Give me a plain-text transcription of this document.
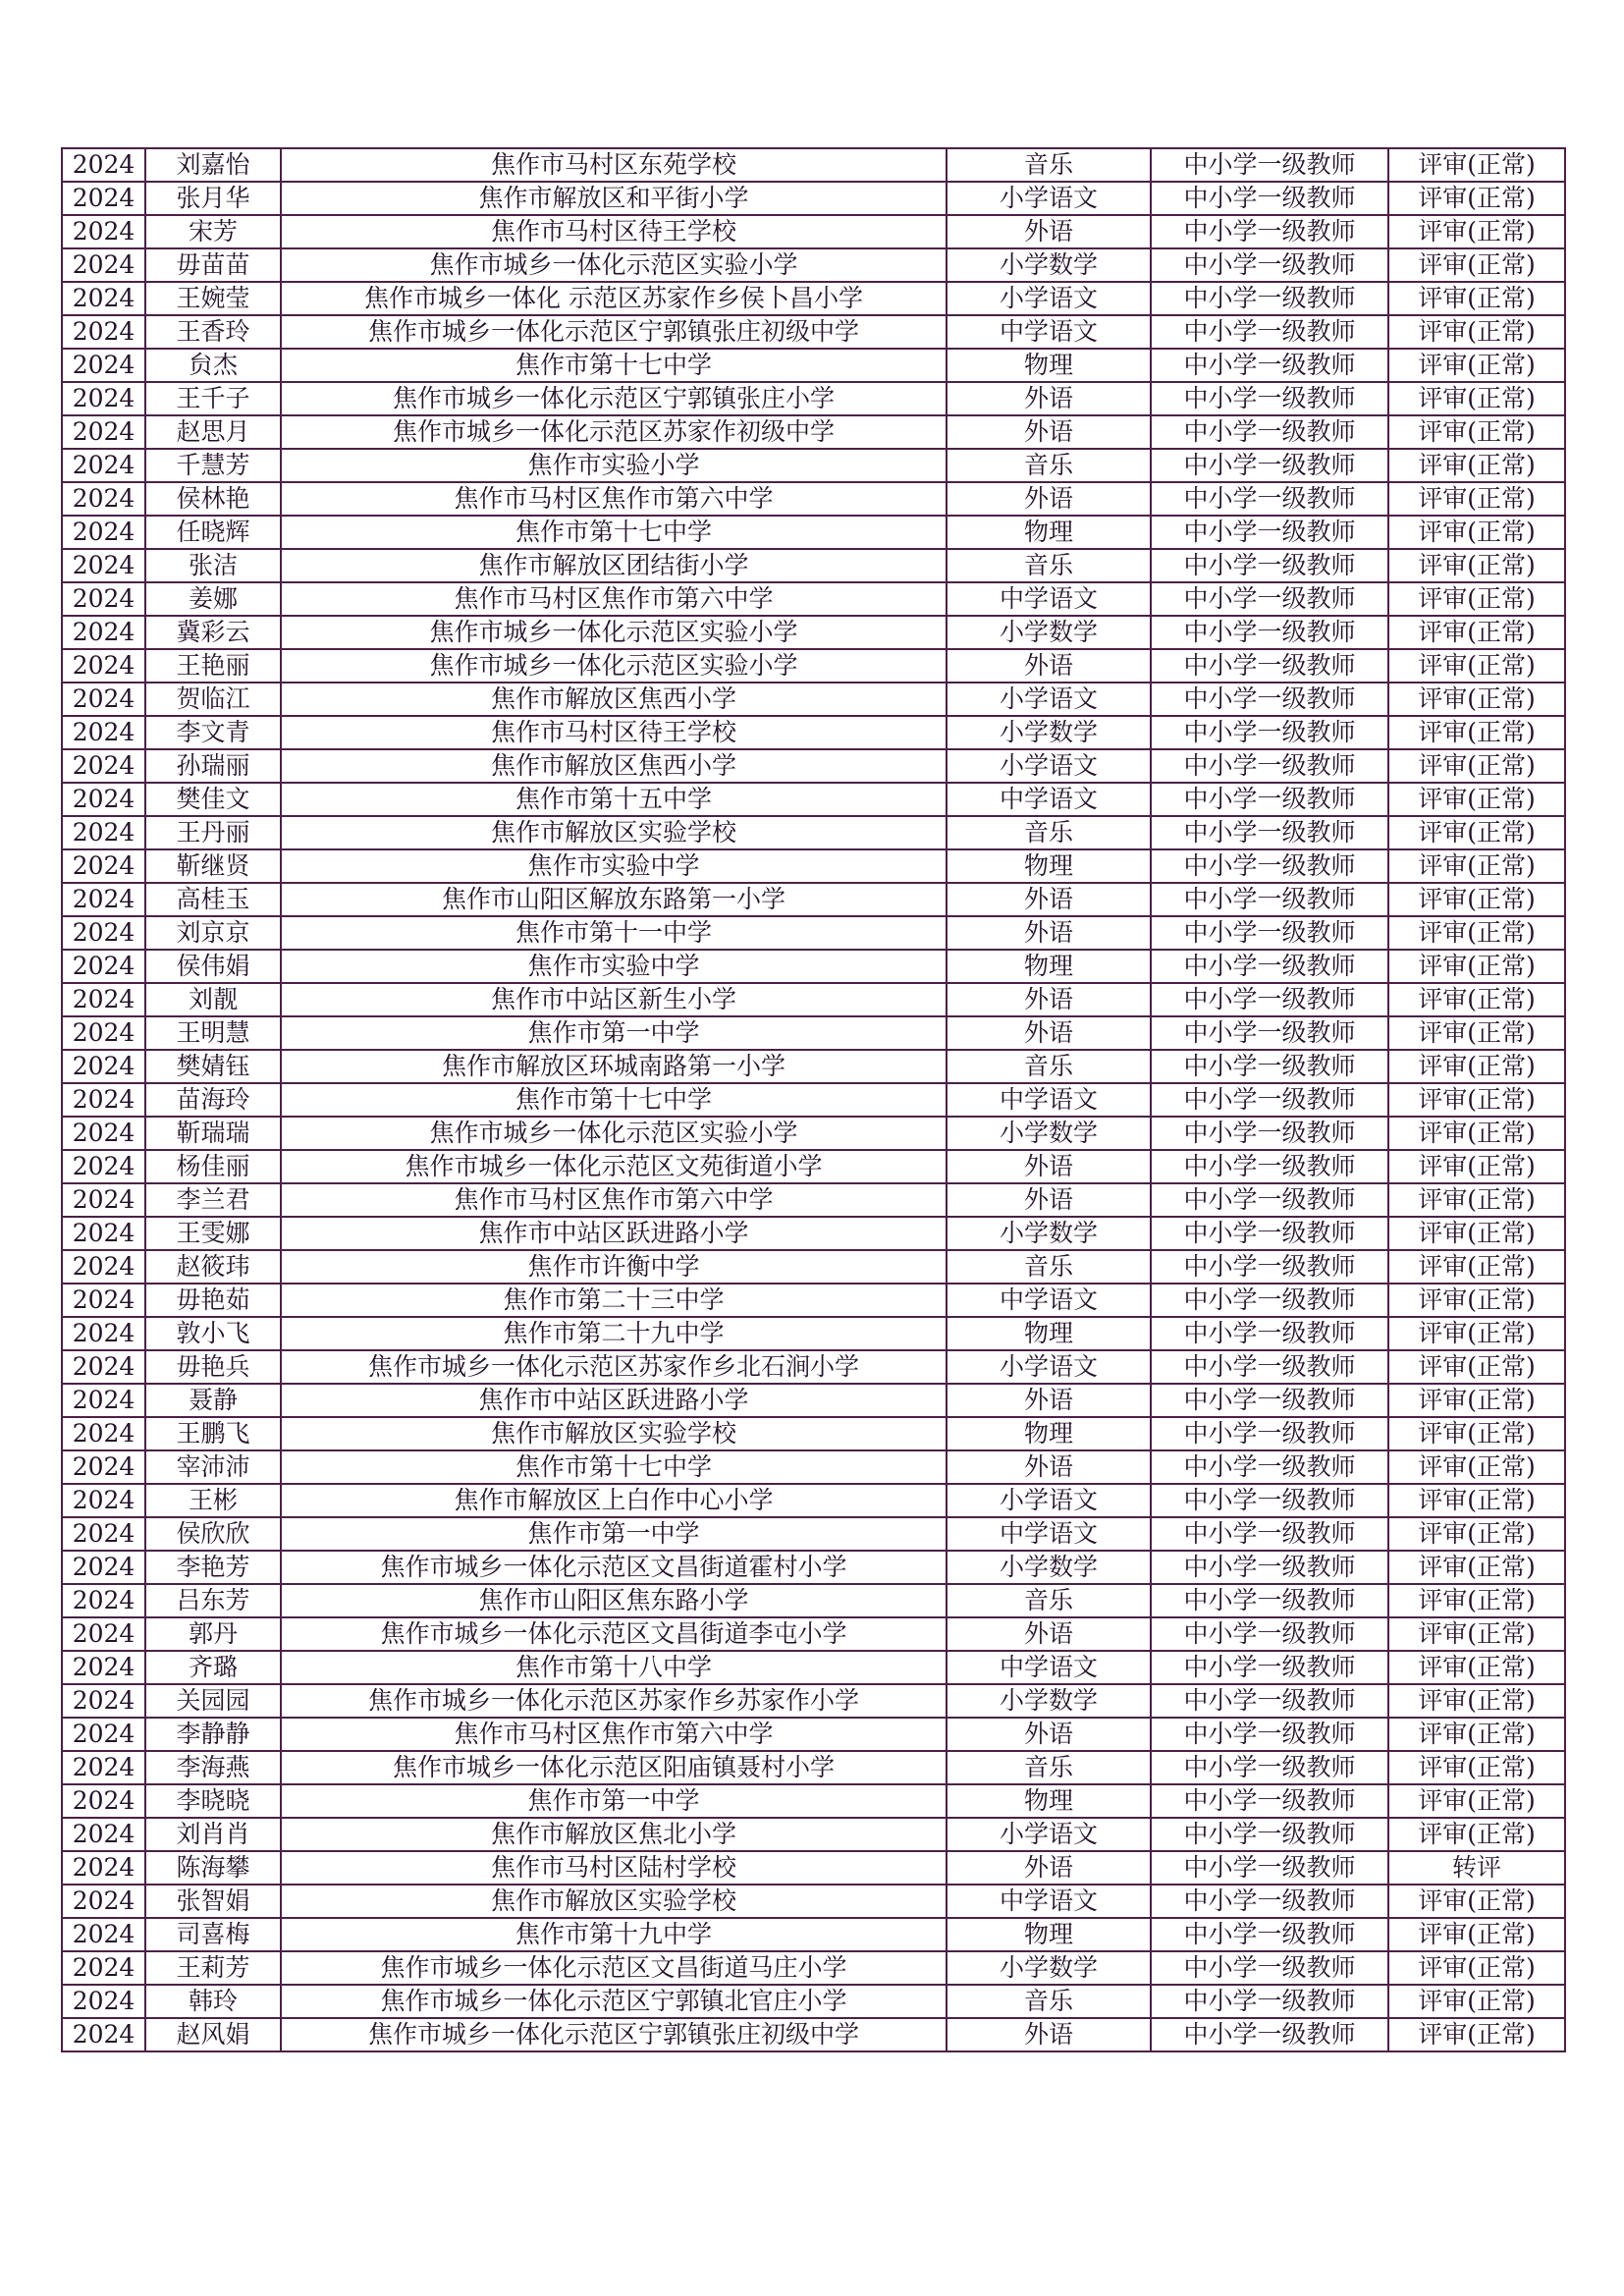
2024	刘嘉怡	焦作市马村区东苑学校	音乐	中小学一级教师	评审(正常)
2024	张月华	焦作市解放区和平街小学	小学语文	中小学一级教师	评审(正常)
2024	宋芳	焦作市马村区待王学校	外语	中小学一级教师	评审(正常)
2024	毋苗苗	焦作市城乡一体化示范区实验小学	小学数学	中小学一级教师	评审(正常)
2024	王婉莹	焦作市城乡一体化 示范区苏家作乡侯卜昌小学	小学语文	中小学一级教师	评审(正常)
2024	王香玲	焦作市城乡一体化示范区宁郭镇张庄初级中学	中学语文	中小学一级教师	评审(正常)
2024	贠杰	焦作市第十七中学	物理	中小学一级教师	评审(正常)
2024	王千子	焦作市城乡一体化示范区宁郭镇张庄小学	外语	中小学一级教师	评审(正常)
2024	赵思月	焦作市城乡一体化示范区苏家作初级中学	外语	中小学一级教师	评审(正常)
2024	千慧芳	焦作市实验小学	音乐	中小学一级教师	评审(正常)
2024	侯林艳	焦作市马村区焦作市第六中学	外语	中小学一级教师	评审(正常)
2024	任晓辉	焦作市第十七中学	物理	中小学一级教师	评审(正常)
2024	张洁	焦作市解放区团结街小学	音乐	中小学一级教师	评审(正常)
2024	姜娜	焦作市马村区焦作市第六中学	中学语文	中小学一级教师	评审(正常)
2024	冀彩云	焦作市城乡一体化示范区实验小学	小学数学	中小学一级教师	评审(正常)
2024	王艳丽	焦作市城乡一体化示范区实验小学	外语	中小学一级教师	评审(正常)
2024	贺临江	焦作市解放区焦西小学	小学语文	中小学一级教师	评审(正常)
2024	李文青	焦作市马村区待王学校	小学数学	中小学一级教师	评审(正常)
2024	孙瑞丽	焦作市解放区焦西小学	小学语文	中小学一级教师	评审(正常)
2024	樊佳文	焦作市第十五中学	中学语文	中小学一级教师	评审(正常)
2024	王丹丽	焦作市解放区实验学校	音乐	中小学一级教师	评审(正常)
2024	靳继贤	焦作市实验中学	物理	中小学一级教师	评审(正常)
2024	高桂玉	焦作市山阳区解放东路第一小学	外语	中小学一级教师	评审(正常)
2024	刘京京	焦作市第十一中学	外语	中小学一级教师	评审(正常)
2024	侯伟娟	焦作市实验中学	物理	中小学一级教师	评审(正常)
2024	刘靓	焦作市中站区新生小学	外语	中小学一级教师	评审(正常)
2024	王明慧	焦作市第一中学	外语	中小学一级教师	评审(正常)
2024	樊婧钰	焦作市解放区环城南路第一小学	音乐	中小学一级教师	评审(正常)
2024	苗海玲	焦作市第十七中学	中学语文	中小学一级教师	评审(正常)
2024	靳瑞瑞	焦作市城乡一体化示范区实验小学	小学数学	中小学一级教师	评审(正常)
2024	杨佳丽	焦作市城乡一体化示范区文苑街道小学	外语	中小学一级教师	评审(正常)
2024	李兰君	焦作市马村区焦作市第六中学	外语	中小学一级教师	评审(正常)
2024	王雯娜	焦作市中站区跃进路小学	小学数学	中小学一级教师	评审(正常)
2024	赵筱玮	焦作市许衡中学	音乐	中小学一级教师	评审(正常)
2024	毋艳茹	焦作市第二十三中学	中学语文	中小学一级教师	评审(正常)
2024	敦小飞	焦作市第二十九中学	物理	中小学一级教师	评审(正常)
2024	毋艳兵	焦作市城乡一体化示范区苏家作乡北石涧小学	小学语文	中小学一级教师	评审(正常)
2024	聂静	焦作市中站区跃进路小学	外语	中小学一级教师	评审(正常)
2024	王鹏飞	焦作市解放区实验学校	物理	中小学一级教师	评审(正常)
2024	宰沛沛	焦作市第十七中学	外语	中小学一级教师	评审(正常)
2024	王彬	焦作市解放区上白作中心小学	小学语文	中小学一级教师	评审(正常)
2024	侯欣欣	焦作市第一中学	中学语文	中小学一级教师	评审(正常)
2024	李艳芳	焦作市城乡一体化示范区文昌街道霍村小学	小学数学	中小学一级教师	评审(正常)
2024	吕东芳	焦作市山阳区焦东路小学	音乐	中小学一级教师	评审(正常)
2024	郭丹	焦作市城乡一体化示范区文昌街道李屯小学	外语	中小学一级教师	评审(正常)
2024	齐璐	焦作市第十八中学	中学语文	中小学一级教师	评审(正常)
2024	关园园	焦作市城乡一体化示范区苏家作乡苏家作小学	小学数学	中小学一级教师	评审(正常)
2024	李静静	焦作市马村区焦作市第六中学	外语	中小学一级教师	评审(正常)
2024	李海燕	焦作市城乡一体化示范区阳庙镇聂村小学	音乐	中小学一级教师	评审(正常)
2024	李晓晓	焦作市第一中学	物理	中小学一级教师	评审(正常)
2024	刘肖肖	焦作市解放区焦北小学	小学语文	中小学一级教师	评审(正常)
2024	陈海攀	焦作市马村区陆村学校	外语	中小学一级教师	转评
2024	张智娟	焦作市解放区实验学校	中学语文	中小学一级教师	评审(正常)
2024	司喜梅	焦作市第十九中学	物理	中小学一级教师	评审(正常)
2024	王莉芳	焦作市城乡一体化示范区文昌街道马庄小学	小学数学	中小学一级教师	评审(正常)
2024	韩玲	焦作市城乡一体化示范区宁郭镇北官庄小学	音乐	中小学一级教师	评审(正常)
2024	赵风娟	焦作市城乡一体化示范区宁郭镇张庄初级中学	外语	中小学一级教师	评审(正常)
